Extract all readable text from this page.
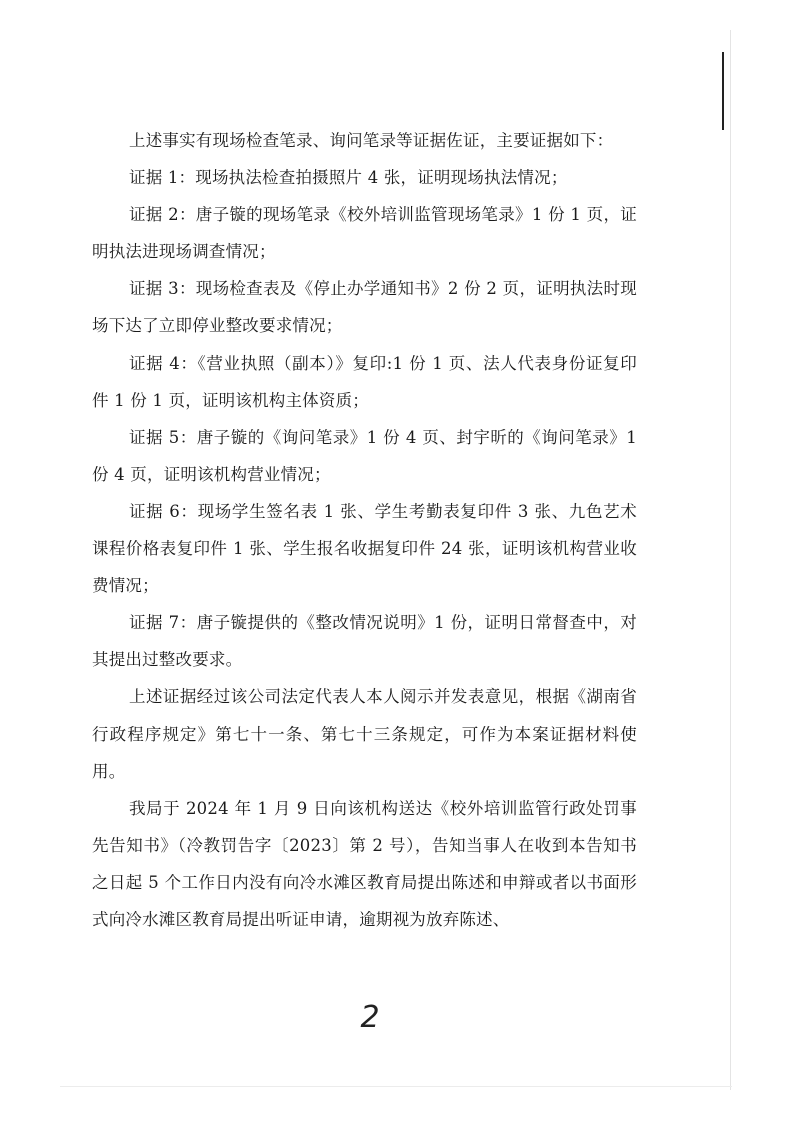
上述事实有现场检查笔录、询问笔录等证据佐证，主要证据如下：

证据 1：现场执法检查拍摄照片 4 张，证明现场执法情况；

证据 2：唐子镟的现场笔录《校外培训监管现场笔录》1 份 1 页，证明执法进现场调查情况；

证据 3：现场检查表及《停止办学通知书》2 份 2 页，证明执法时现场下达了立即停业整改要求情况；

证据 4：《营业执照（副本）》复印:1 份 1 页、法人代表身份证复印件 1 份 1 页，证明该机构主体资质；

证据 5：唐子镟的《询问笔录》1 份 4 页、封宇昕的《询问笔录》1 份 4 页，证明该机构营业情况；

证据 6：现场学生签名表 1 张、学生考勤表复印件 3 张、九色艺术课程价格表复印件 1 张、学生报名收据复印件 24 张，证明该机构营业收费情况；

证据 7：唐子镟提供的《整改情况说明》1 份，证明日常督查中，对其提出过整改要求。

上述证据经过该公司法定代表人本人阅示并发表意见，根据《湖南省行政程序规定》第七十一条、第七十三条规定，可作为本案证据材料使用。

我局于 2024 年 1 月 9 日向该机构送达《校外培训监管行政处罚事先告知书》（冷教罚告字〔2023〕第 2 号），告知当事人在收到本告知书之日起 5 个工作日内没有向冷水滩区教育局提出陈述和申辩或者以书面形式向冷水滩区教育局提出听证申请，逾期视为放弃陈述、

2
